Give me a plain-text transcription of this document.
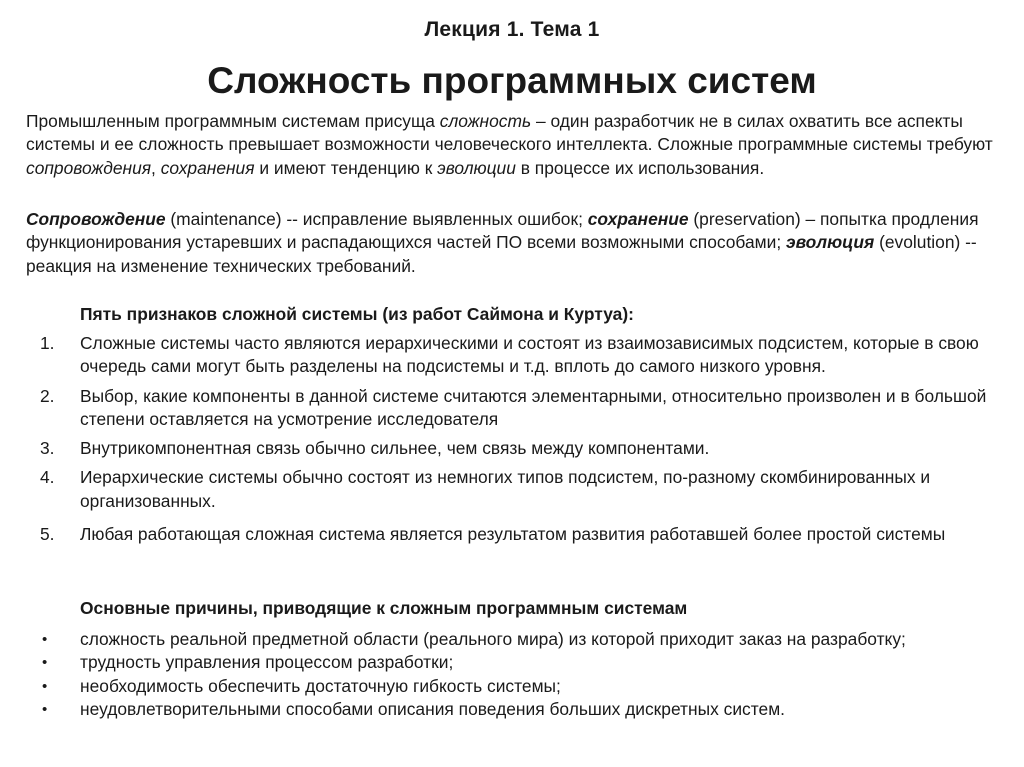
Лекция 1. Тема 1
Сложность программных систем
Промышленным программным системам присуща сложность – один разработчик не в силах охватить все аспекты системы и ее сложность превышает возможности человеческого интеллекта. Сложные программные системы требуют сопровождения, сохранения и имеют тенденцию к эволюции в процессе их использования.
Сопровождение (maintenance) -- исправление выявленных ошибок; сохранение (preservation) – попытка продления функционирования устаревших и распадающихся частей ПО всеми возможными способами; эволюция (evolution) -- реакция на изменение технических требований.
Пять признаков сложной системы (из работ Саймона и Куртуа):
1. Сложные системы часто являются иерархическими и состоят из взаимозависимых подсистем, которые в свою очередь сами могут быть разделены на подсистемы и т.д. вплоть до самого низкого уровня.
2. Выбор, какие компоненты в данной системе считаются элементарными, относительно произволен и в большой степени оставляется на усмотрение исследователя
3. Внутрикомпонентная связь обычно сильнее, чем связь между компонентами.
4. Иерархические системы обычно состоят из немногих типов подсистем, по-разному скомбинированных и организованных.
5. Любая работающая сложная система является результатом развития работавшей более простой системы
Основные причины, приводящие к сложным программным системам
• сложность реальной предметной области (реального мира) из которой приходит заказ на разработку;
• трудность управления процессом разработки;
• необходимость обеспечить достаточную гибкость системы;
• неудовлетворительными способами описания поведения больших дискретных систем.
